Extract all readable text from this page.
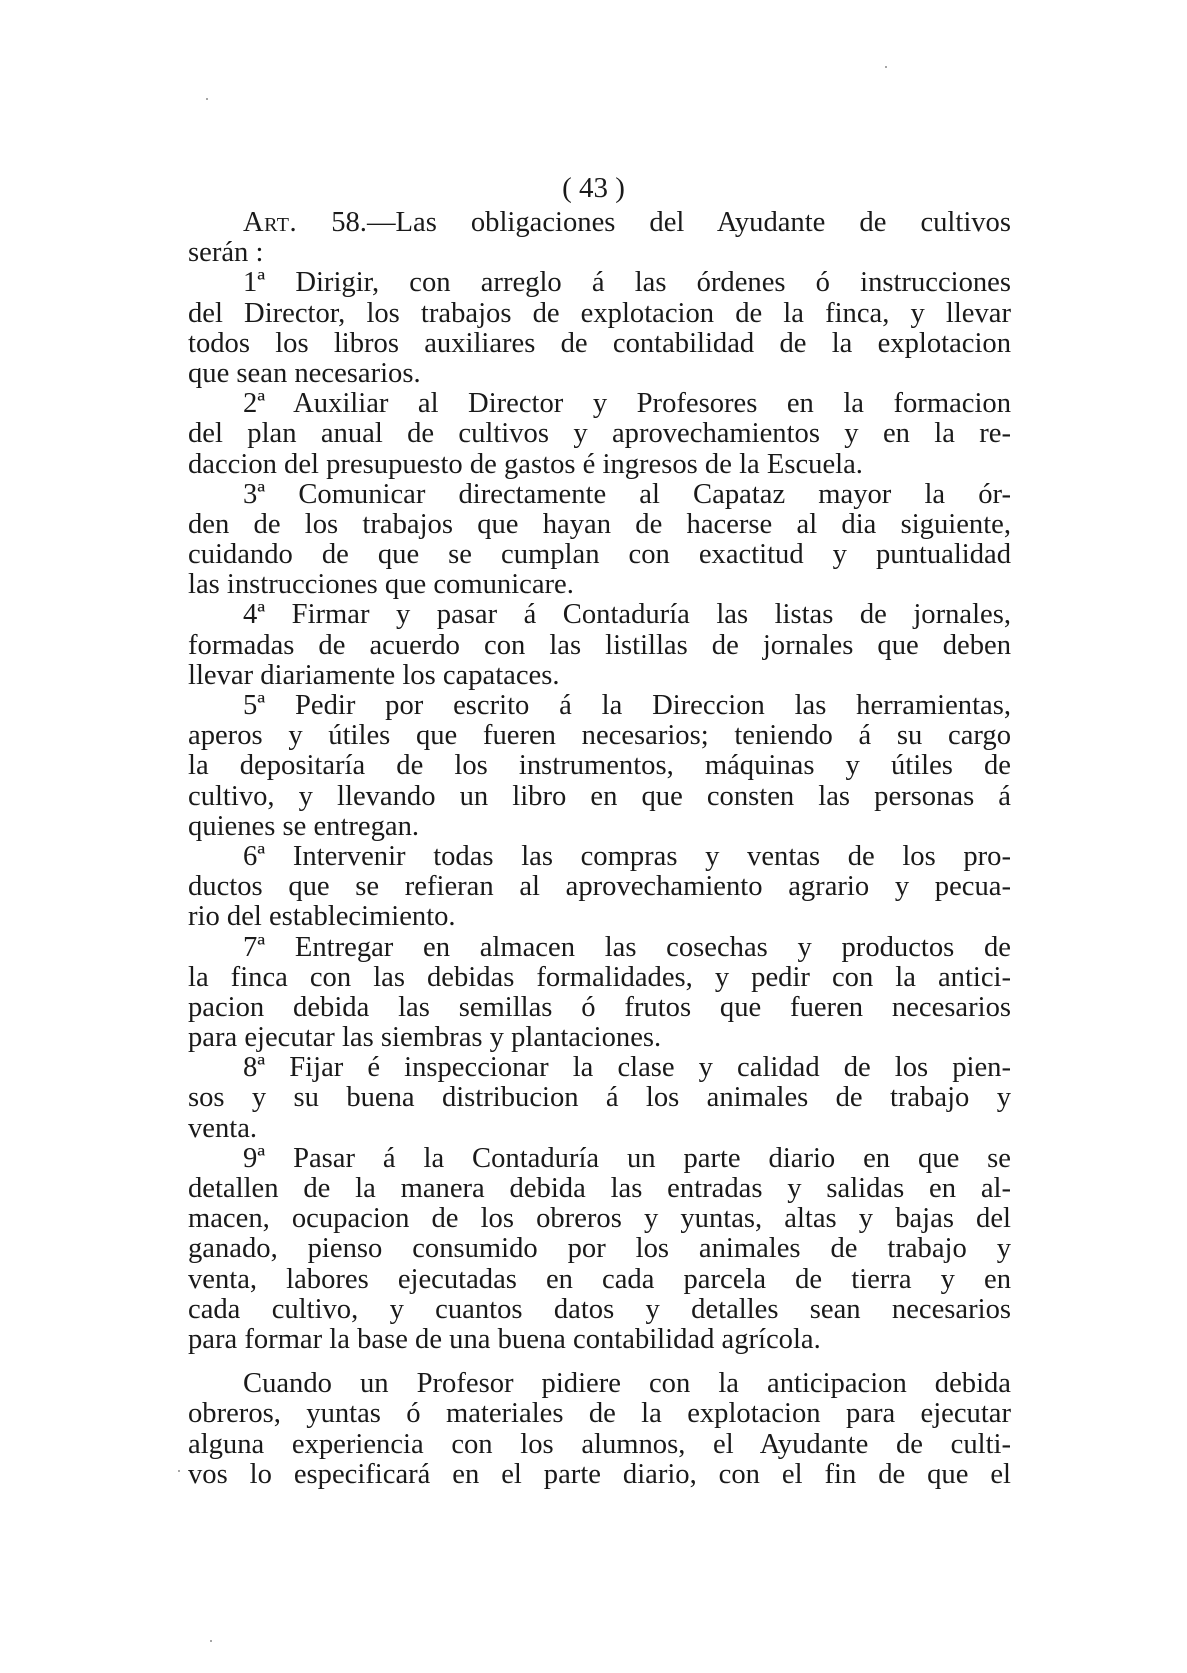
( 43 )
Art. 58.—Las obligaciones del Ayudante de cultivos
serán :
1ª Dirigir, con arreglo á las órdenes ó instrucciones
del Director, los trabajos de explotacion de la finca, y llevar
todos los libros auxiliares de contabilidad de la explotacion
que sean necesarios.
2ª Auxiliar al Director y Profesores en la formacion
del plan anual de cultivos y aprovechamientos y en la re-
daccion del presupuesto de gastos é ingresos de la Escuela.
3ª Comunicar directamente al Capataz mayor la ór-
den de los trabajos que hayan de hacerse al dia siguiente,
cuidando de que se cumplan con exactitud y puntualidad
las instrucciones que comunicare.
4ª Firmar y pasar á Contaduría las listas de jornales,
formadas de acuerdo con las listillas de jornales que deben
llevar diariamente los capataces.
5ª Pedir por escrito á la Direccion las herramientas,
aperos y útiles que fueren necesarios; teniendo á su cargo
la depositaría de los instrumentos, máquinas y útiles de
cultivo, y llevando un libro en que consten las personas á
quienes se entregan.
6ª Intervenir todas las compras y ventas de los pro-
ductos que se refieran al aprovechamiento agrario y pecua-
rio del establecimiento.
7ª Entregar en almacen las cosechas y productos de
la finca con las debidas formalidades, y pedir con la antici-
pacion debida las semillas ó frutos que fueren necesarios
para ejecutar las siembras y plantaciones.
8ª Fijar é inspeccionar la clase y calidad de los pien-
sos y su buena distribucion á los animales de trabajo y
venta.
9ª Pasar á la Contaduría un parte diario en que se
detallen de la manera debida las entradas y salidas en al-
macen, ocupacion de los obreros y yuntas, altas y bajas del
ganado, pienso consumido por los animales de trabajo y
venta, labores ejecutadas en cada parcela de tierra y en
cada cultivo, y cuantos datos y detalles sean necesarios
para formar la base de una buena contabilidad agrícola.
Cuando un Profesor pidiere con la anticipacion debida
obreros, yuntas ó materiales de la explotacion para ejecutar
alguna experiencia con los alumnos, el Ayudante de culti-
vos lo especificará en el parte diario, con el fin de que el
